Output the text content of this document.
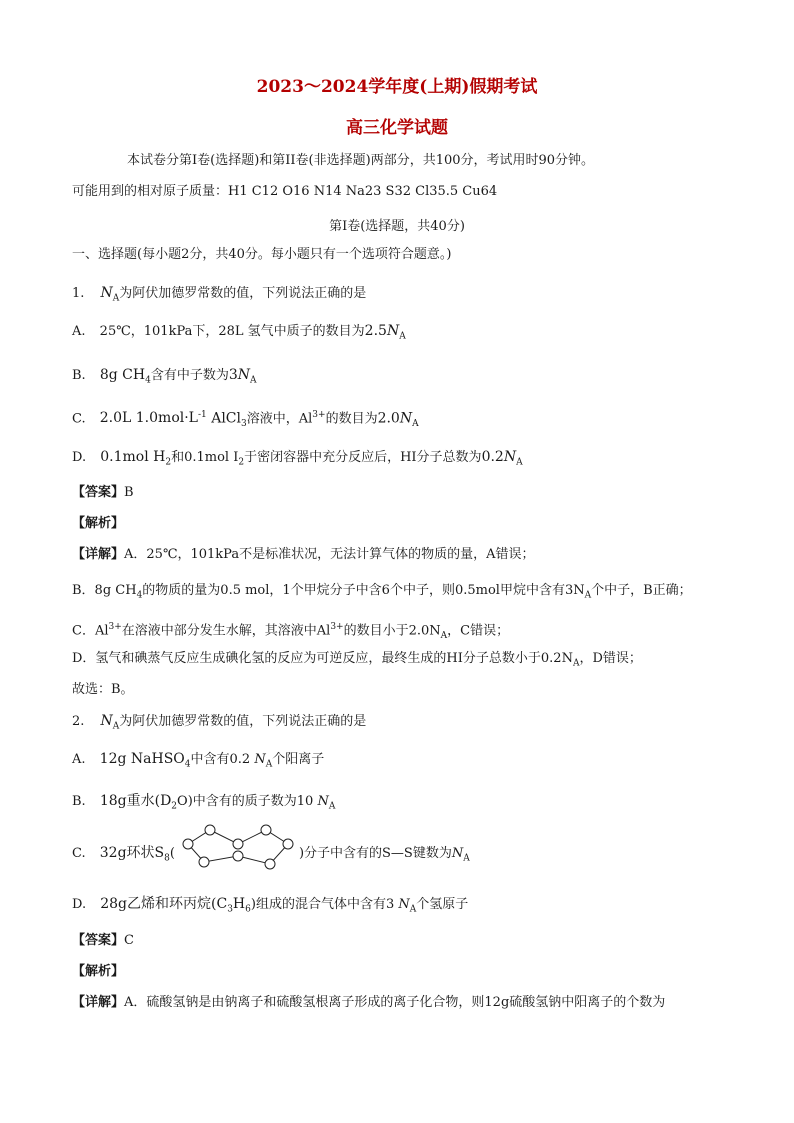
2023～2024学年度(上期)假期考试
高三化学试题
本试卷分第I卷(选择题)和第II卷(非选择题)两部分，共100分，考试用时90分钟。
可能用到的相对原子质量：H1 C12 O16 N14 Na23 S32 Cl35.5 Cu64
第I卷(选择题，共40分)
一、选择题(每小题2分，共40分。每小题只有一个选项符合题意。)
1. $N_A$为阿伏加德罗常数的值，下列说法正确的是
A. 25℃，101kPa下，28L 氢气中质子的数目为$2.5N_A$
B. 8g $CH_4$含有中子数为$3N_A$
C. 2.0L $1.0mol\cdot L^{-1}$ AlCl$_3$溶液中，$Al^{3+}$的数目为$2.0N_A$
D. 0.1mol $H_2$和0.1mol $I_2$于密闭容器中充分反应后，HI分子总数为$0.2N_A$
【答案】B
【解析】
【详解】A．25℃，101kPa不是标准状况，无法计算气体的物质的量，A错误；
B．8g $CH_4$的物质的量为0.5 mol，1个甲烷分子中含6个中子，则0.5mol甲烷中含有$3N_A$个中子，B正确；
C．$Al^{3+}$在溶液中部分发生水解，其溶液中$Al^{3+}$的数目小于$2.0N_A$，C错误；
D．氢气和碘蒸气反应生成碘化氢的反应为可逆反应，最终生成的HI分子总数小于$0.2N_A$，D错误；
故选：B。
2. $N_A$为阿伏加德罗常数的值，下列说法正确的是
A. 12g NaHSO$_4$中含有0.2 $N_A$个阳离子
B. 18g重水$(D_2O)$中含有的质子数为10 $N_A$
C. 32g环状$S_8$(	)分子中含有的S—S键数为$N_A$
D. 28g乙烯和环丙烷$(C_3H_6)$组成的混合气体中含有3 $N_A$个氢原子
【答案】C
【解析】
【详解】A．硫酸氢钠是由钠离子和硫酸氢根离子形成的离子化合物，则12g硫酸氢钠中阳离子的个数为
